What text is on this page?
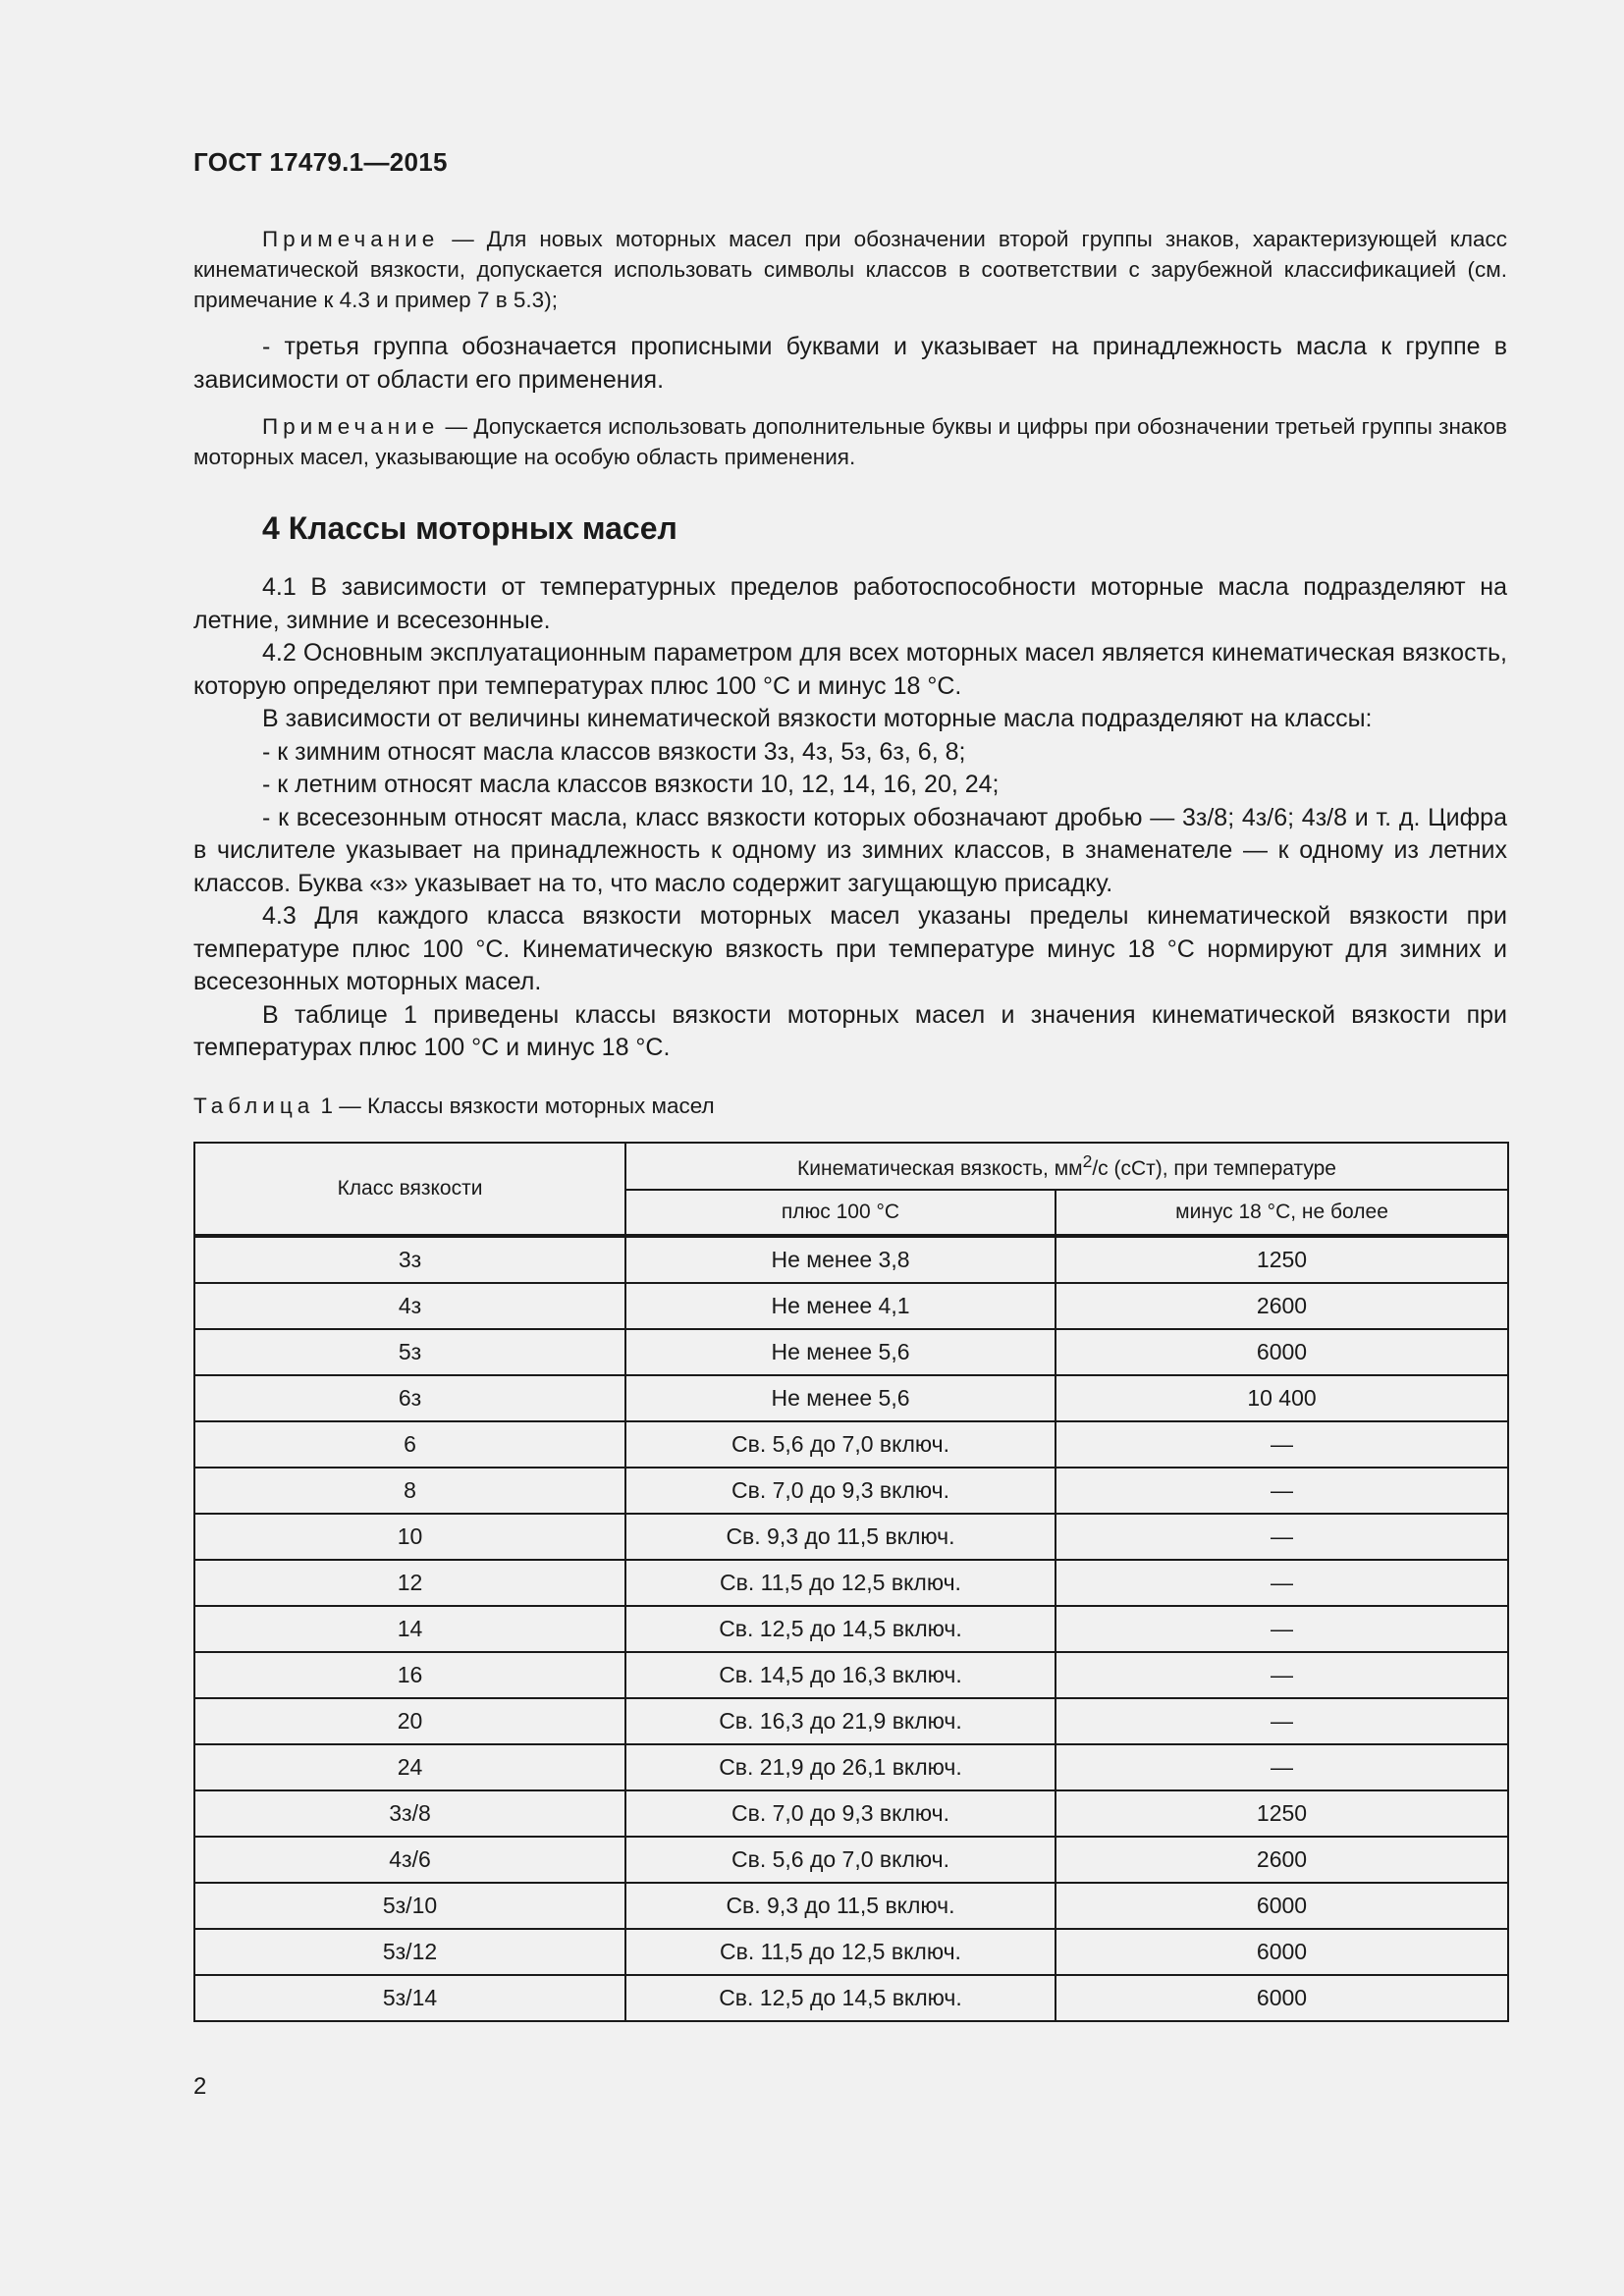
ГОСТ 17479.1—2015

Примечание — Для новых моторных масел при обозначении второй группы знаков, характеризующей класс кинематической вязкости, допускается использовать символы классов в соответствии с зарубежной классификацией (см. примечание к 4.3 и пример 7 в 5.3);

- третья группа обозначается прописными буквами и указывает на принадлежность масла к группе в зависимости от области его применения.

Примечание — Допускается использовать дополнительные буквы и цифры при обозначении третьей группы знаков моторных масел, указывающие на особую область применения.

4 Классы моторных масел

4.1 В зависимости от температурных пределов работоспособности моторные масла подразделяют на летние, зимние и всесезонные.

4.2 Основным эксплуатационным параметром для всех моторных масел является кинематическая вязкость, которую определяют при температурах плюс 100 °С и минус 18 °С.

В зависимости от величины кинематической вязкости моторные масла подразделяют на классы:

- к зимним относят масла классов вязкости 3з, 4з, 5з, 6з, 6, 8;

- к летним относят масла классов вязкости 10, 12, 14, 16, 20, 24;

- к всесезонным относят масла, класс вязкости которых обозначают дробью — 3з/8; 4з/6; 4з/8 и т. д. Цифра в числителе указывает на принадлежность к одному из зимних классов, в знаменателе — к одному из летних классов. Буква «з» указывает на то, что масло содержит загущающую присадку.

4.3 Для каждого класса вязкости моторных масел указаны пределы кинематической вязкости при температуре плюс 100 °С. Кинематическую вязкость при температуре минус 18 °С нормируют для зимних и всесезонных моторных масел.

В таблице 1 приведены классы вязкости моторных масел и значения кинематической вязкости при температурах плюс 100 °С и минус 18 °С.

Таблица 1 — Классы вязкости моторных масел
Класс вязкости	Кинематическая вязкость, $мм^2/с$ (сСт), при температуре	
	плюс 100 °С	минус 18 °С, не более
3з	Не менее 3,8	1250
4з	Не менее 4,1	2600
5з	Не менее 5,6	6000
6з	Не менее 5,6	10 400
6	Св. 5,6 до 7,0 включ.	—
8	Св. 7,0 до 9,3 включ.	—
10	Св. 9,3 до 11,5 включ.	—
12	Св. 11,5 до 12,5 включ.	—
14	Св. 12,5 до 14,5 включ.	—
16	Св. 14,5 до 16,3 включ.	—
20	Св. 16,3 до 21,9 включ.	—
24	Св. 21,9 до 26,1 включ.	—
3з/8	Св. 7,0 до 9,3 включ.	1250
4з/6	Св. 5,6 до 7,0 включ.	2600
5з/10	Св. 9,3 до 11,5 включ.	6000
5з/12	Св. 11,5 до 12,5 включ.	6000
5з/14	Св. 12,5 до 14,5 включ.	6000
2
